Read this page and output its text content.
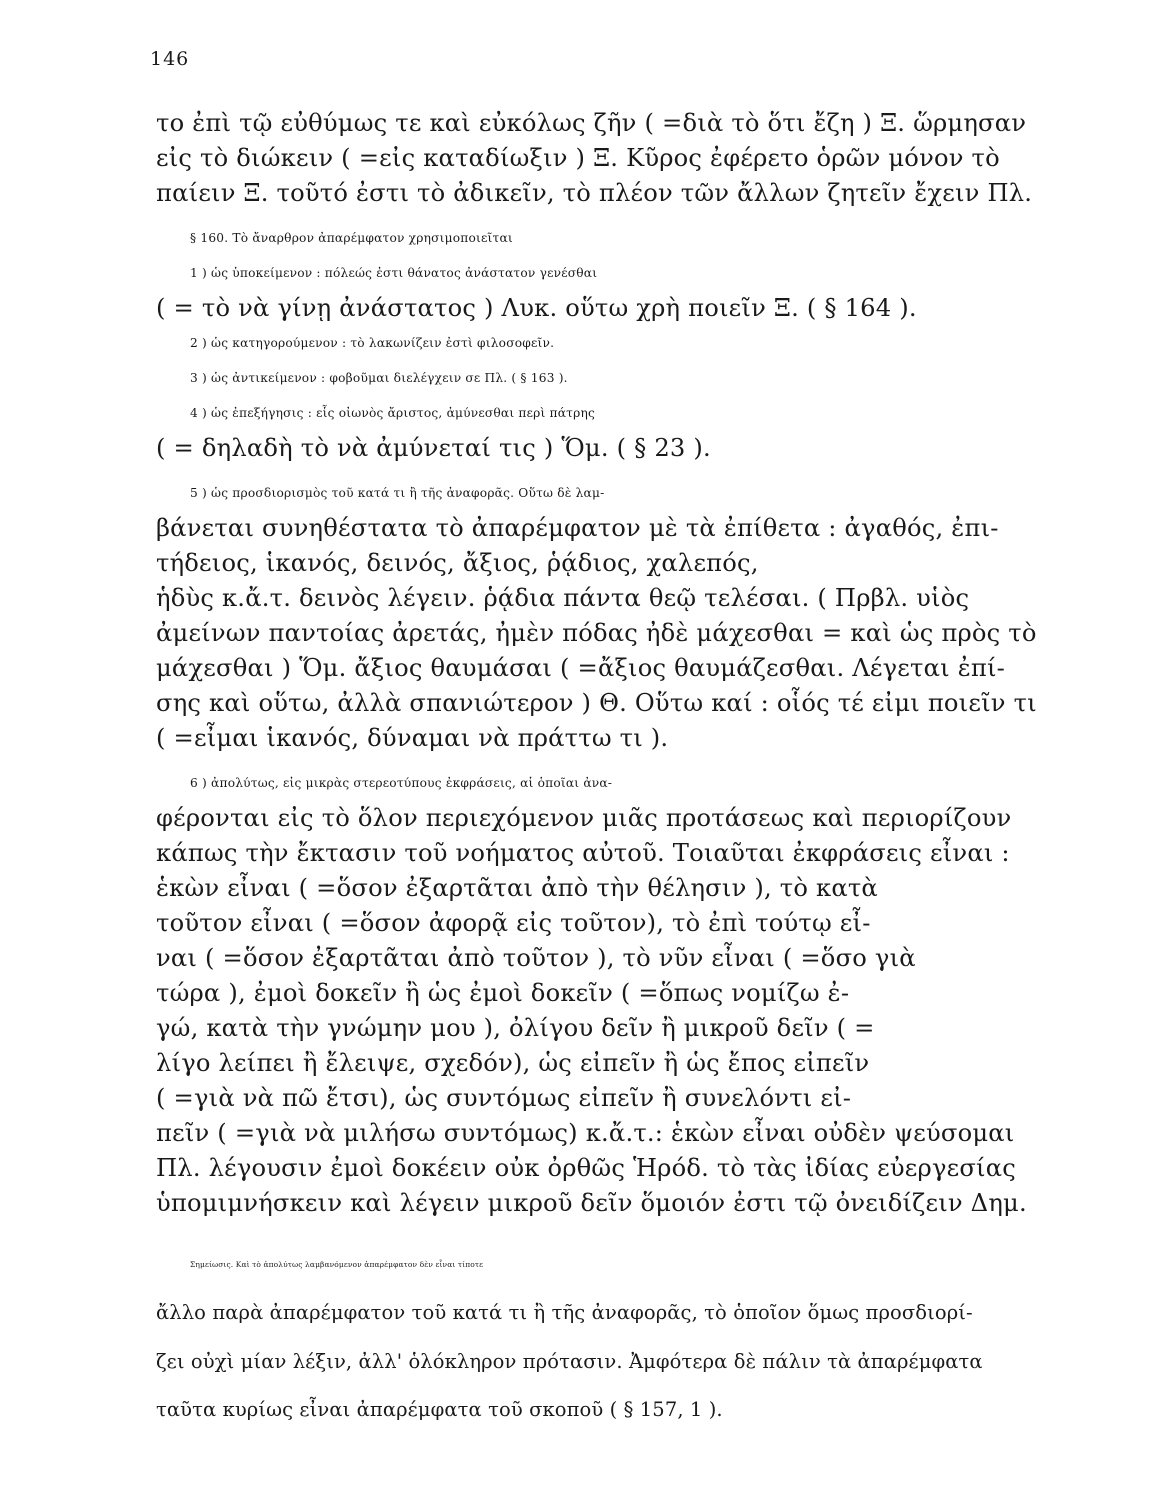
146

το ἐπὶ τῷ εὐθύμως τε καὶ εὐκόλως ζῆν ( =διὰ τὸ ὅτι ἔζη ) Ξ. ὥρμησαν

εἰς τὸ διώκειν ( =εἰς καταδίωξιν ) Ξ. Κῦρος ἐφέρετο ὁρῶν μόνον τὸ

παίειν Ξ. τοῦτό ἐστι τὸ ἀδικεῖν, τὸ πλέον τῶν ἄλλων ζητεῖν ἔχειν Πλ.

§ 160. Τὸ ἄναρθρον ἀπαρέμφατον χρησιμοποιεῖται

1 ) ὡς ὑποκείμενον : πόλεώς ἐστι θάνατος ἀνάστατον γενέσθαι

( = τὸ νὰ γίνῃ ἀνάστατος ) Λυκ. οὕτω χρὴ ποιεῖν Ξ. ( § 164 ).

2 ) ὡς κατηγορούμενον : τὸ λακωνίζειν ἐστὶ φιλοσοφεῖν.

3 ) ὡς ἀντικείμενον : φοβοῦμαι διελέγχειν σε Πλ. ( § 163 ).

4 ) ὡς ἐπεξήγησις : εἷς οἰωνὸς ἄριστος, ἀμύνεσθαι περὶ πάτρης

( = δηλαδὴ τὸ νὰ ἀμύνεταί τις ) Ὅμ. ( § 23 ).

5 ) ὡς προσδιορισμὸς τοῦ κατά τι ἢ τῆς ἀναφορᾶς. Οὕτω δὲ λαμ-

βάνεται συνηθέστατα τὸ ἀπαρέμφατον μὲ τὰ ἐπίθετα : ἀγαθός, ἐπι-

τήδειος, ἱκανός, δεινός, ἄξιος, ῥᾴδιος, χαλεπός,

ἡδὺς κ.ἄ.τ. δεινὸς λέγειν. ῥᾴδια πάντα θεῷ τελέσαι. ( Πρβλ. υἱὸς

ἀμείνων παντοίας ἀρετάς, ἠμὲν πόδας ἠδὲ μάχεσθαι = καὶ ὡς πρὸς τὸ

μάχεσθαι ) Ὅμ. ἄξιος θαυμάσαι ( =ἄξιος θαυμάζεσθαι. Λέγεται ἐπί-

σης καὶ οὕτω, ἀλλὰ σπανιώτερον ) Θ. Οὕτω καί : οἷός τέ εἰμι ποιεῖν τι

( =εἶμαι ἱκανός, δύναμαι νὰ πράττω τι ).

6 ) ἀπολύτως, εἰς μικρὰς στερεοτύπους ἐκφράσεις, αἱ ὁποῖαι ἀνα-

φέρονται εἰς τὸ ὅλον περιεχόμενον μιᾶς προτάσεως καὶ περιορίζουν

κάπως τὴν ἔκτασιν τοῦ νοήματος αὐτοῦ. Τοιαῦται ἐκφράσεις εἶναι :

ἑκὼν εἶναι ( =ὅσον ἐξαρτᾶται ἀπὸ τὴν θέλησιν ), τὸ κατὰ

τοῦτον εἶναι ( =ὅσον ἀφορᾷ εἰς τοῦτον), τὸ ἐπὶ τούτῳ εἶ-

ναι ( =ὅσον ἐξαρτᾶται ἀπὸ τοῦτον ), τὸ νῦν εἶναι ( =ὅσο γιὰ

τώρα ), ἐμοὶ δοκεῖν ἢ ὡς ἐμοὶ δοκεῖν ( =ὅπως νομίζω ἐ-

γώ, κατὰ τὴν γνώμην μου ), ὀλίγου δεῖν ἢ μικροῦ δεῖν ( =

λίγο λείπει ἢ ἔλειψε, σχεδόν), ὡς εἰπεῖν ἢ ὡς ἔπος εἰπεῖν

( =γιὰ νὰ πῶ ἔτσι), ὡς συντόμως εἰπεῖν ἢ συνελόντι εἰ-

πεῖν ( =γιὰ νὰ μιλήσω συντόμως) κ.ἄ.τ.: ἑκὼν εἶναι οὐδὲν ψεύσομαι

Πλ. λέγουσιν ἐμοὶ δοκέειν οὐκ ὀρθῶς Ἡρόδ. τὸ τὰς ἰδίας εὐεργεσίας

ὑπομιμνήσκειν καὶ λέγειν μικροῦ δεῖν ὅμοιόν ἐστι τῷ ὀνειδίζειν Δημ.

Σημείωσις. Καὶ τὸ ἀπολύτως λαμβανόμενον ἀπαρέμφατον δὲν εἶναι τίποτε

ἄλλο παρὰ ἀπαρέμφατον τοῦ κατά τι ἢ τῆς ἀναφορᾶς, τὸ ὁποῖον ὅμως προσδιορί-

ζει οὐχὶ μίαν λέξιν, ἀλλ' ὁλόκληρον πρότασιν. Ἀμφότερα δὲ πάλιν τὰ ἀπαρέμφατα

ταῦτα κυρίως εἶναι ἀπαρέμφατα τοῦ σκοποῦ ( § 157, 1 ).
